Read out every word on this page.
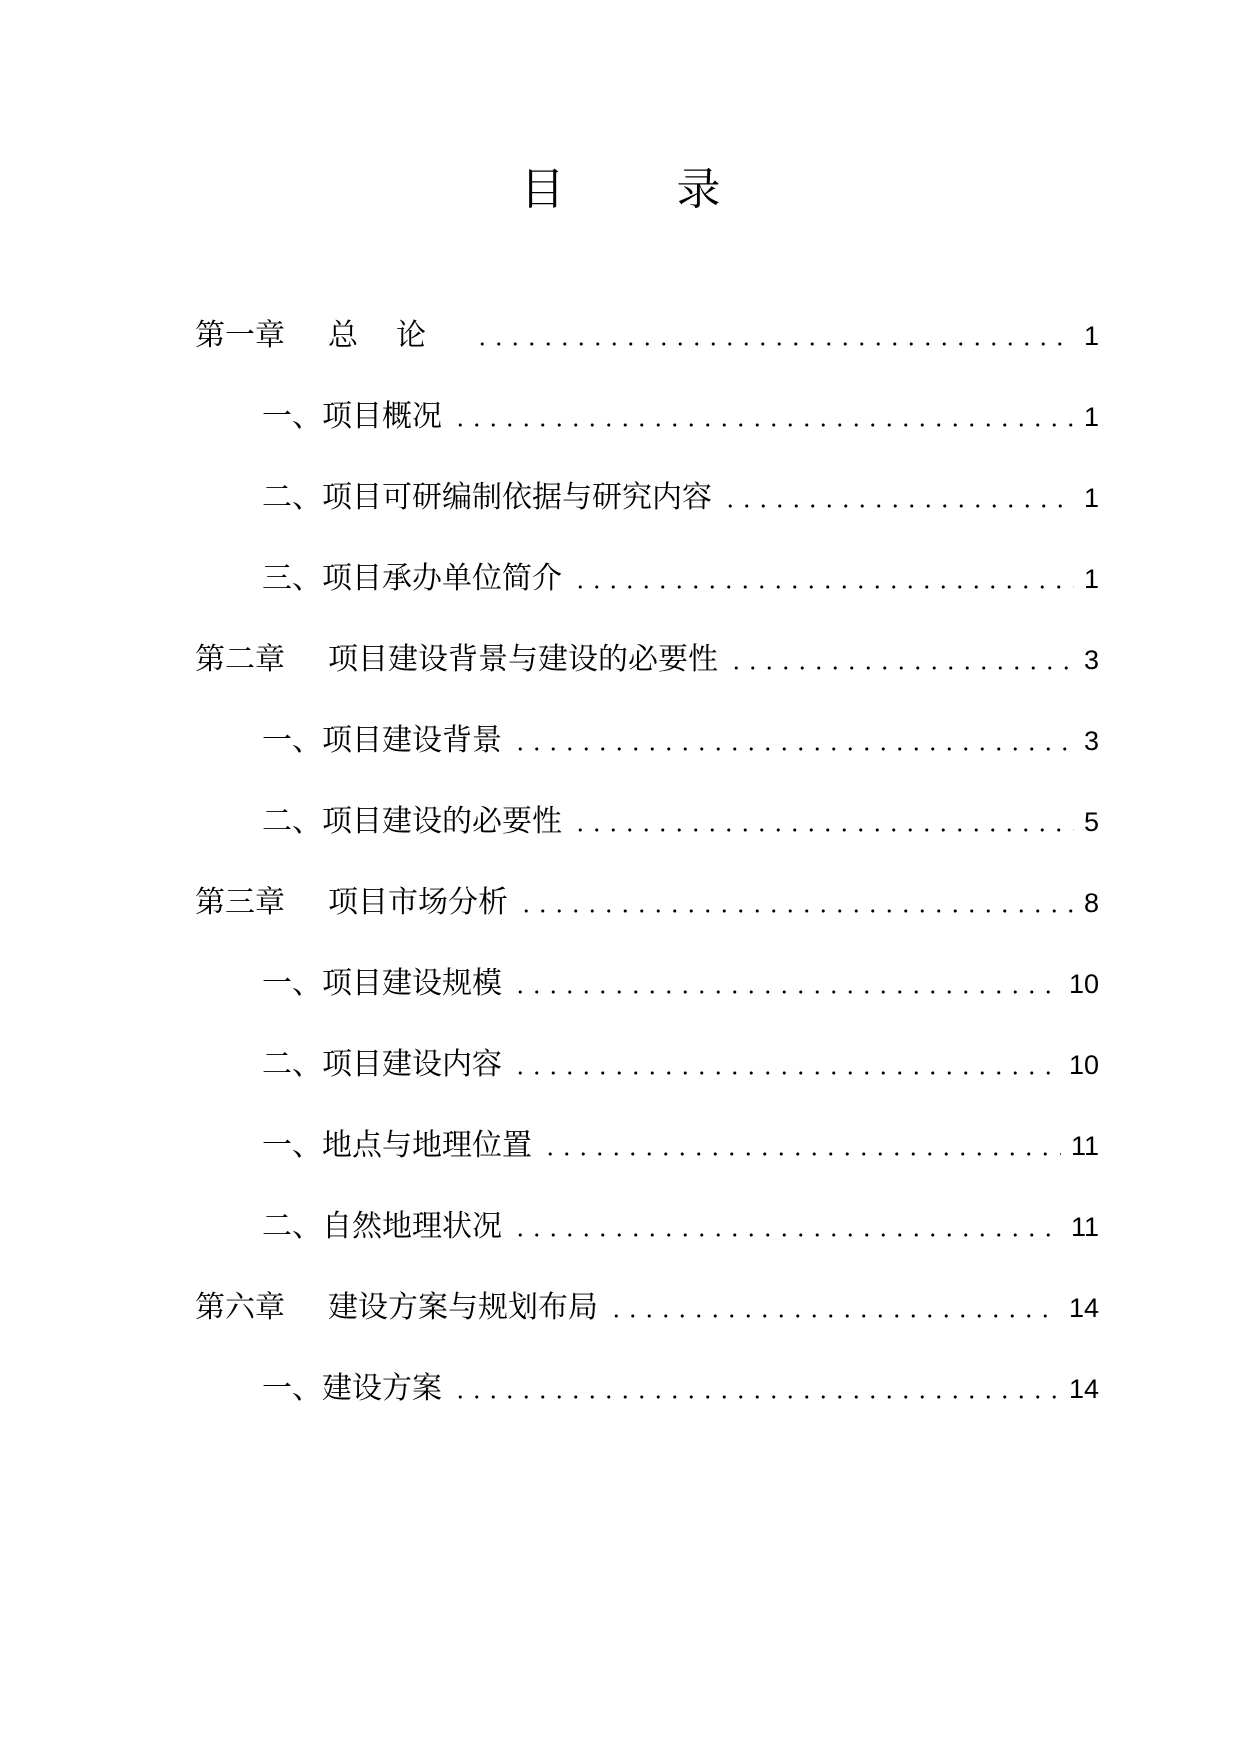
目	录
第一章	总论	1
一、项目概况	1
二、项目可研编制依据与研究内容	1
三、项目承办单位简介	1
第二章	项目建设背景与建设的必要性	3
一、项目建设背景	3
二、项目建设的必要性	5
第三章	项目市场分析	8
一、项目建设规模	10
二、项目建设内容	10
一、地点与地理位置	11
二、自然地理状况	11
第六章	建设方案与规划布局	14
一、建设方案	14
